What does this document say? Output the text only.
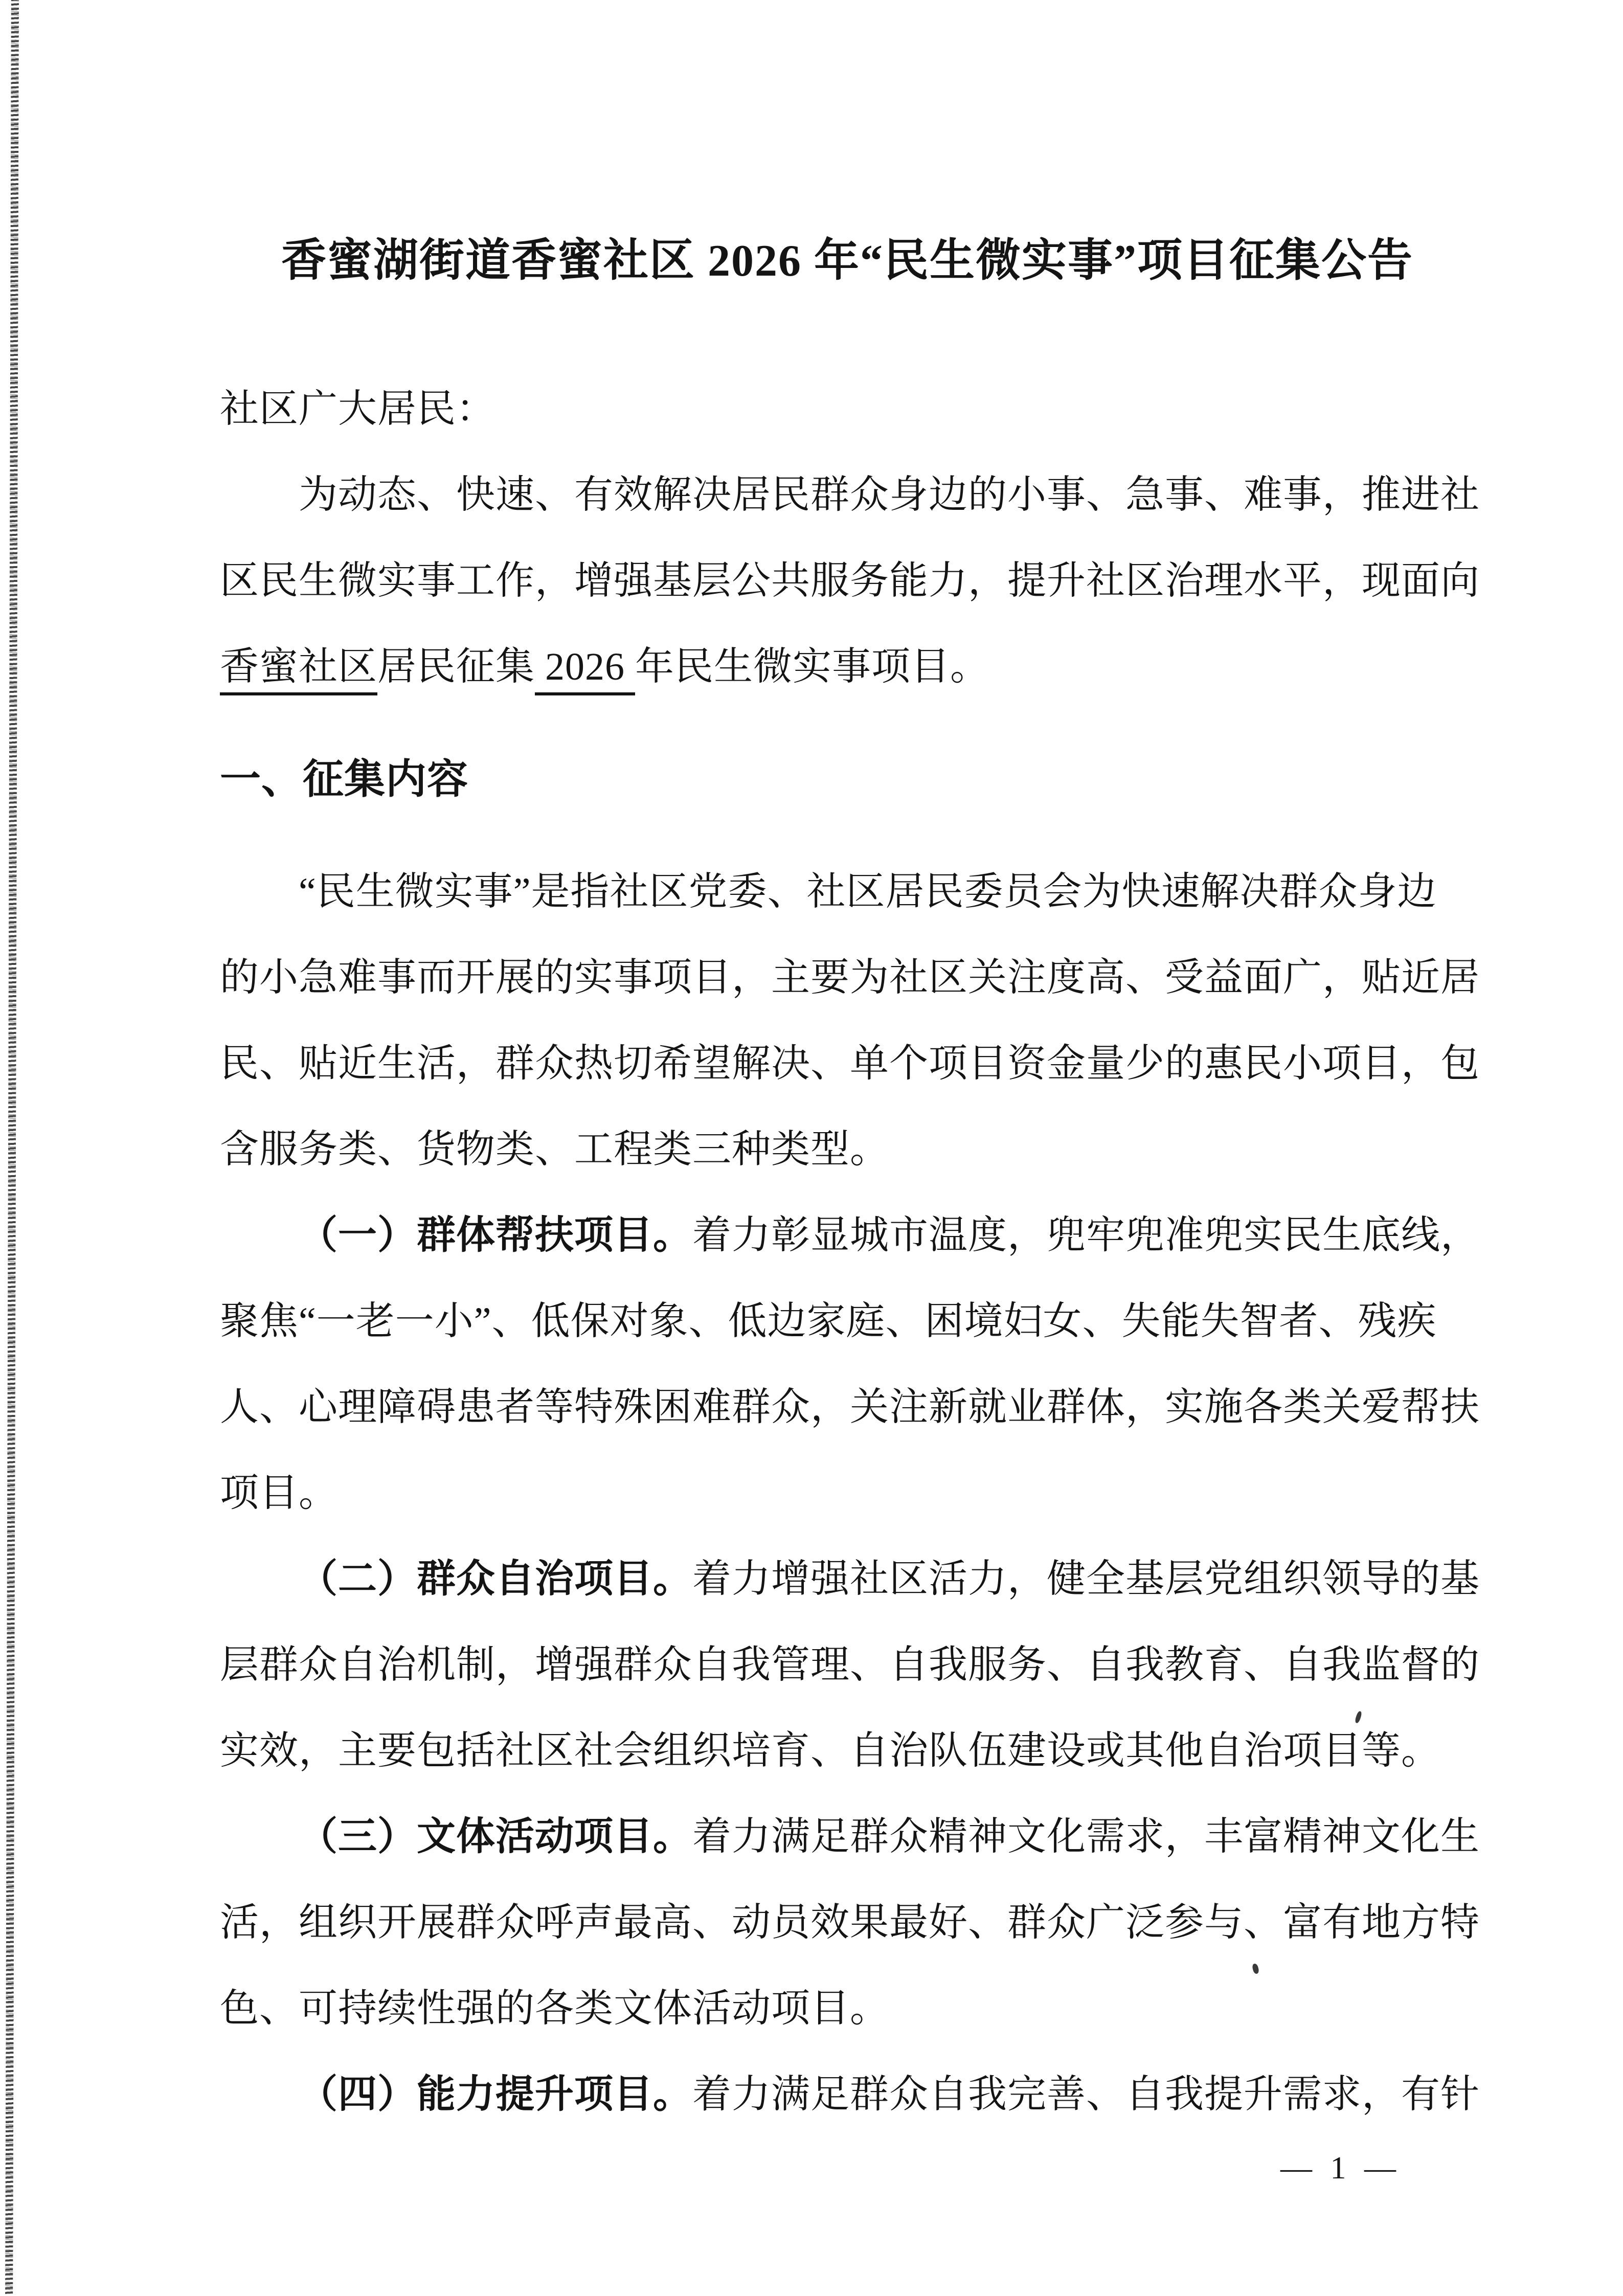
香蜜湖街道香蜜社区 2026 年“民生微实事”项目征集公告
社区广大居民：
为动态、快速、有效解决居民群众身边的小事、急事、难事，推进社
区民生微实事工作，增强基层公共服务能力，提升社区治理水平，现面向
香蜜社区居民征集 2026 年民生微实事项目。
一、征集内容
“民生微实事”是指社区党委、社区居民委员会为快速解决群众身边
的小急难事而开展的实事项目，主要为社区关注度高、受益面广，贴近居
民、贴近生活，群众热切希望解决、单个项目资金量少的惠民小项目，包
含服务类、货物类、工程类三种类型。
（一）群体帮扶项目。着力彰显城市温度，兜牢兜准兜实民生底线，
聚焦“一老一小”、低保对象、低边家庭、困境妇女、失能失智者、残疾
人、心理障碍患者等特殊困难群众，关注新就业群体，实施各类关爱帮扶
项目。
（二）群众自治项目。着力增强社区活力，健全基层党组织领导的基
层群众自治机制，增强群众自我管理、自我服务、自我教育、自我监督的
实效，主要包括社区社会组织培育、自治队伍建设或其他自治项目等。
（三）文体活动项目。着力满足群众精神文化需求，丰富精神文化生
活，组织开展群众呼声最高、动员效果最好、群众广泛参与、富有地方特
色、可持续性强的各类文体活动项目。
（四）能力提升项目。着力满足群众自我完善、自我提升需求，有针
— 1 —
